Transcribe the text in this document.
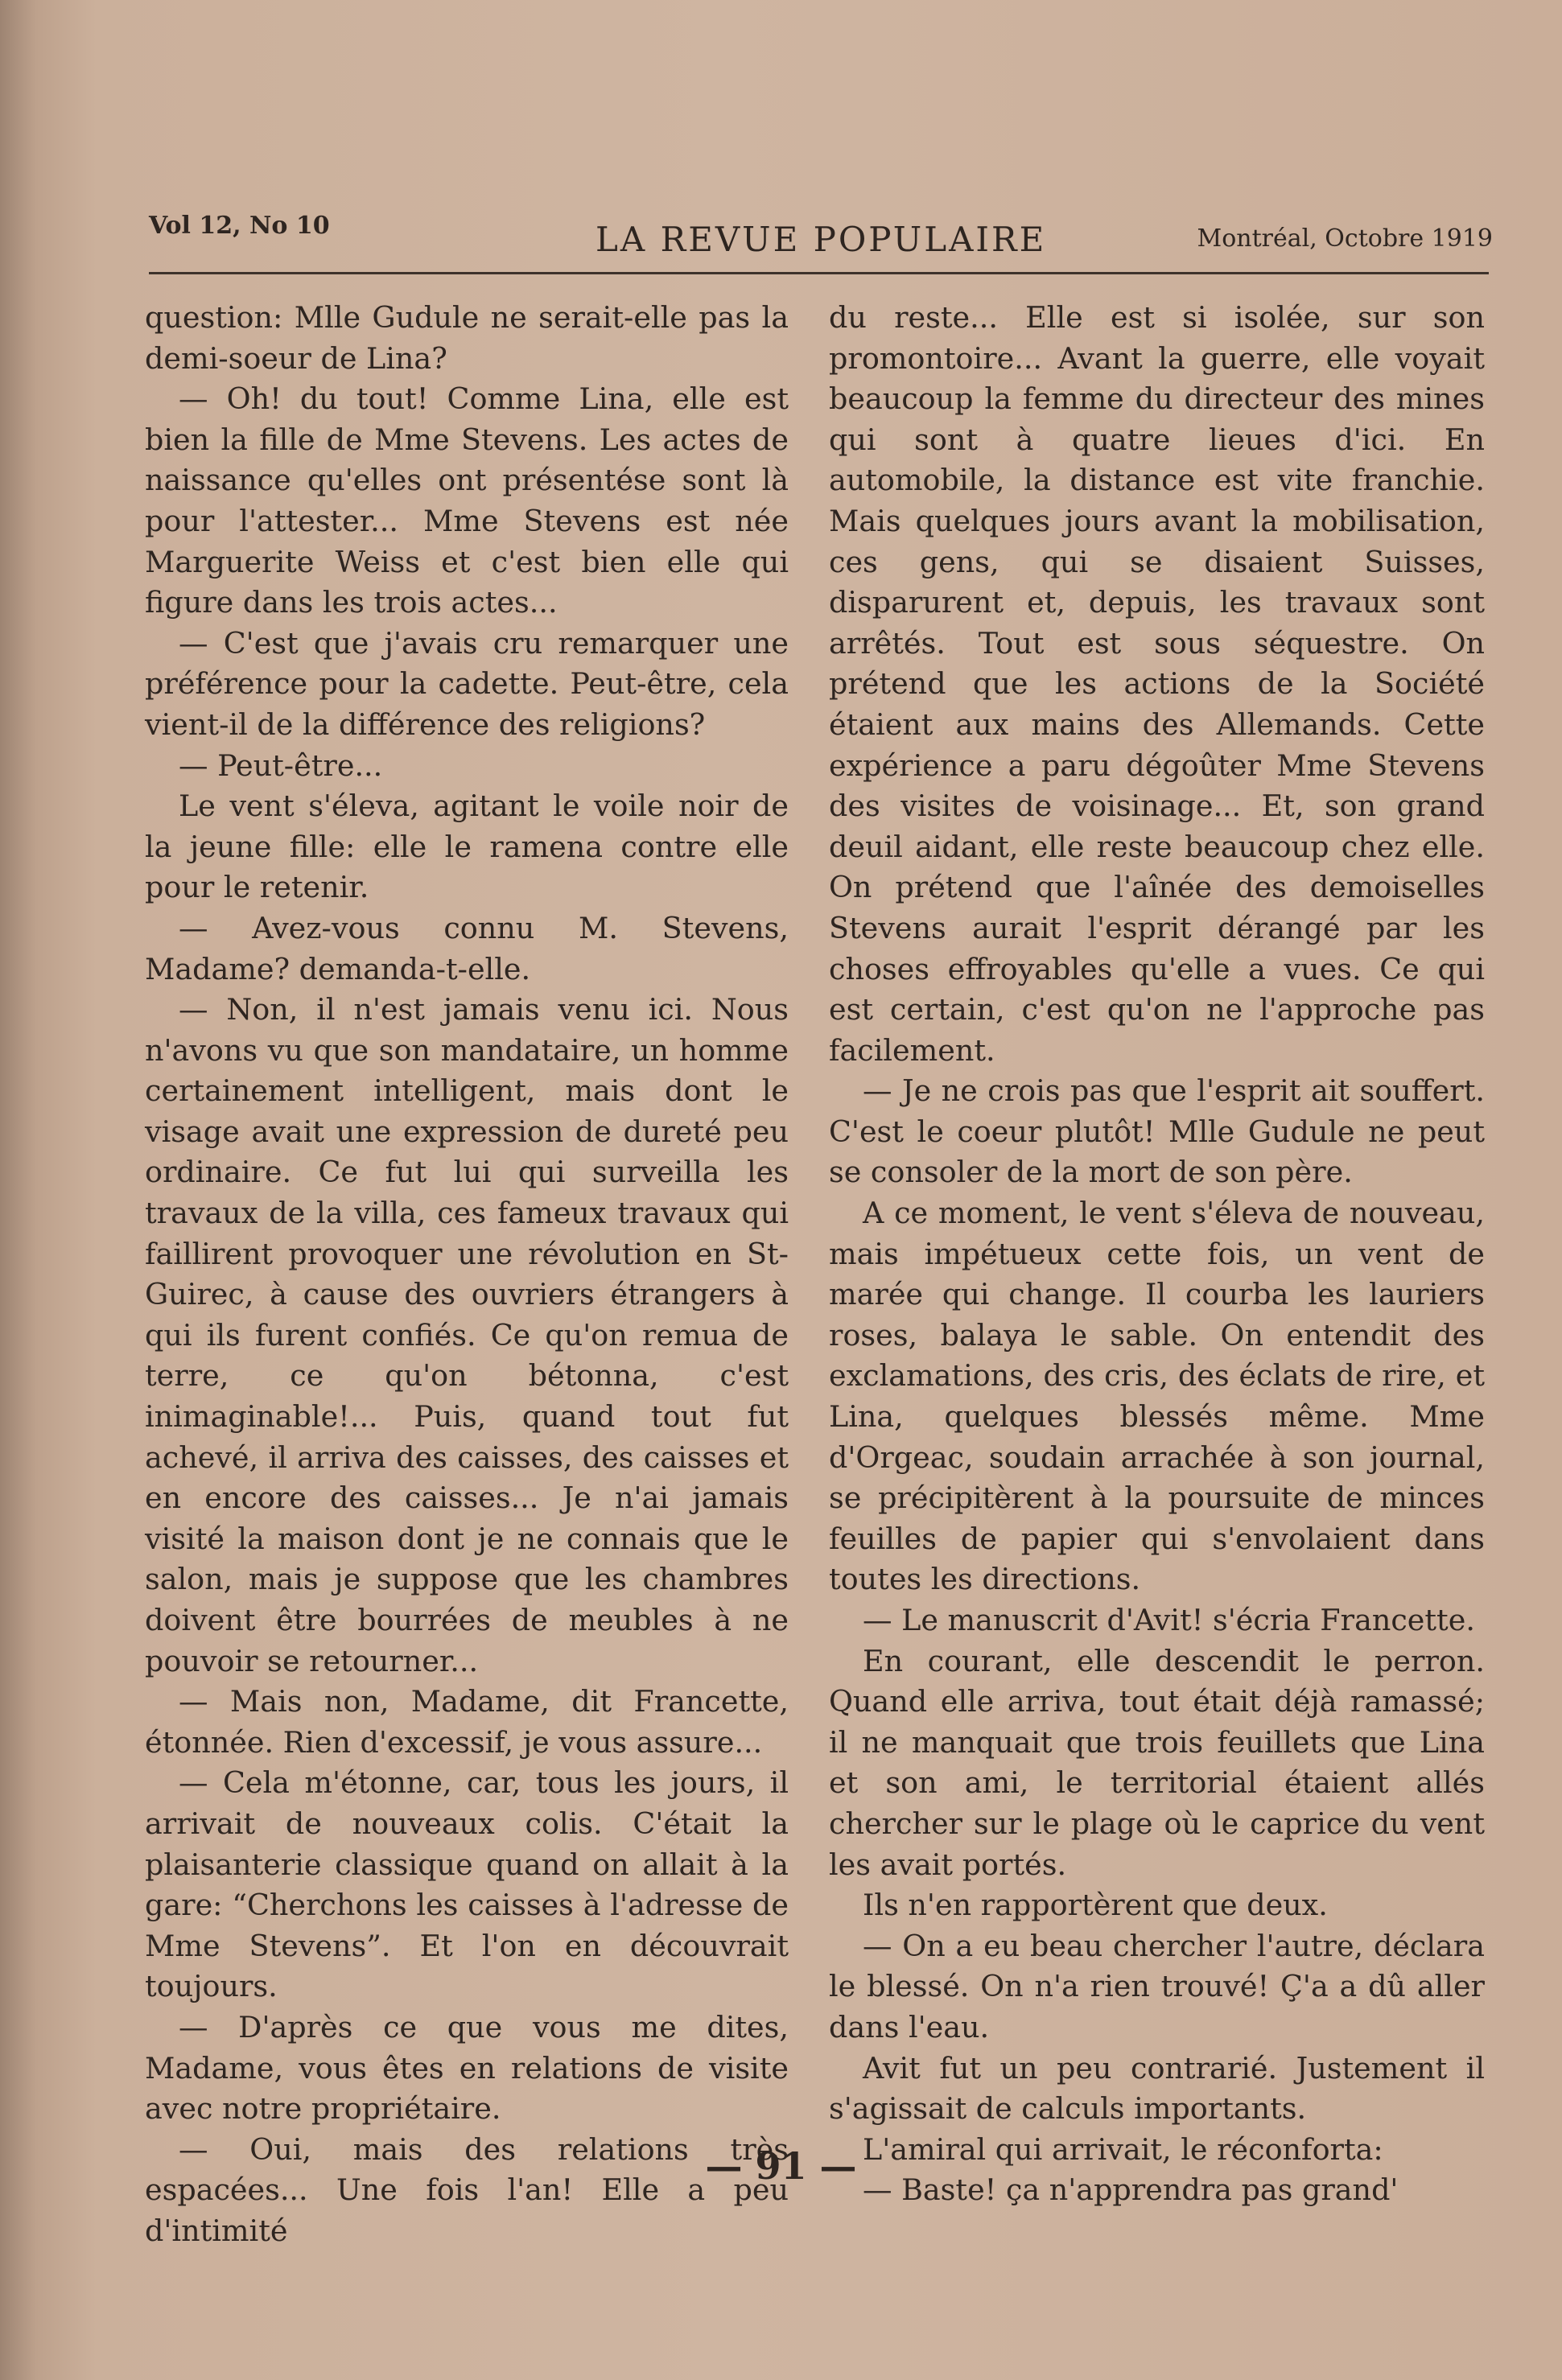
Vol 12, No 10	LA REVUE POPULAIRE	Montréal, Octobre 1919

question: Mlle Gudule ne serait-elle pas la demi-soeur de Lina?

— Oh! du tout! Comme Lina, elle est bien la fille de Mme Stevens. Les actes de naissance qu'elles ont présentése sont là pour l'attester... Mme Stevens est née Marguerite Weiss et c'est bien elle qui figure dans les trois actes...

— C'est que j'avais cru remarquer une préférence pour la cadette. Peut-être, cela vient-il de la différence des religions?

— Peut-être...

Le vent s'éleva, agitant le voile noir de la jeune fille: elle le ramena contre elle pour le retenir.

— Avez-vous connu M. Stevens, Madame? demanda-t-elle.

— Non, il n'est jamais venu ici. Nous n'avons vu que son mandataire, un homme certainement intelligent, mais dont le visage avait une expression de dureté peu ordinaire. Ce fut lui qui surveilla les travaux de la villa, ces fameux travaux qui faillirent provoquer une révolution en St-Guirec, à cause des ouvriers étrangers à qui ils furent confiés. Ce qu'on remua de terre, ce qu'on bétonna, c'est inimaginable!... Puis, quand tout fut achevé, il arriva des caisses, des caisses et en encore des caisses... Je n'ai jamais visité la maison dont je ne connais que le salon, mais je suppose que les chambres doivent être bourrées de meubles à ne pouvoir se retourner...

— Mais non, Madame, dit Francette, étonnée. Rien d'excessif, je vous assure...

— Cela m'étonne, car, tous les jours, il arrivait de nouveaux colis. C'était la plaisanterie classique quand on allait à la gare: “Cherchons les caisses à l'adresse de Mme Stevens”. Et l'on en découvrait toujours.

— D'après ce que vous me dites, Madame, vous êtes en relations de visite avec notre propriétaire.

— Oui, mais des relations très espacées... Une fois l'an! Elle a peu d'intimité

du reste... Elle est si isolée, sur son promontoire... Avant la guerre, elle voyait beaucoup la femme du directeur des mines qui sont à quatre lieues d'ici. En automobile, la distance est vite franchie. Mais quelques jours avant la mobilisation, ces gens, qui se disaient Suisses, disparurent et, depuis, les travaux sont arrêtés. Tout est sous séquestre. On prétend que les actions de la Société étaient aux mains des Allemands. Cette expérience a paru dégoûter Mme Stevens des visites de voisinage... Et, son grand deuil aidant, elle reste beaucoup chez elle. On prétend que l'aînée des demoiselles Stevens aurait l'esprit dérangé par les choses effroyables qu'elle a vues. Ce qui est certain, c'est qu'on ne l'approche pas facilement.

— Je ne crois pas que l'esprit ait souffert. C'est le coeur plutôt! Mlle Gudule ne peut se consoler de la mort de son père.

A ce moment, le vent s'éleva de nouveau, mais impétueux cette fois, un vent de marée qui change. Il courba les lauriers roses, balaya le sable. On entendit des exclamations, des cris, des éclats de rire, et Lina, quelques blessés même. Mme d'Orgeac, soudain arrachée à son journal, se précipitèrent à la poursuite de minces feuilles de papier qui s'envolaient dans toutes les directions.

— Le manuscrit d'Avit! s'écria Francette.

En courant, elle descendit le perron. Quand elle arriva, tout était déjà ramassé; il ne manquait que trois feuillets que Lina et son ami, le territorial étaient allés chercher sur le plage où le caprice du vent les avait portés.

Ils n'en rapportèrent que deux.

— On a eu beau chercher l'autre, déclara le blessé. On n'a rien trouvé! Ç'a a dû aller dans l'eau.

Avit fut un peu contrarié. Justement il s'agissait de calculs importants.

L'amiral qui arrivait, le réconforta:

— Baste! ça n'apprendra pas grand'

— 91 —
